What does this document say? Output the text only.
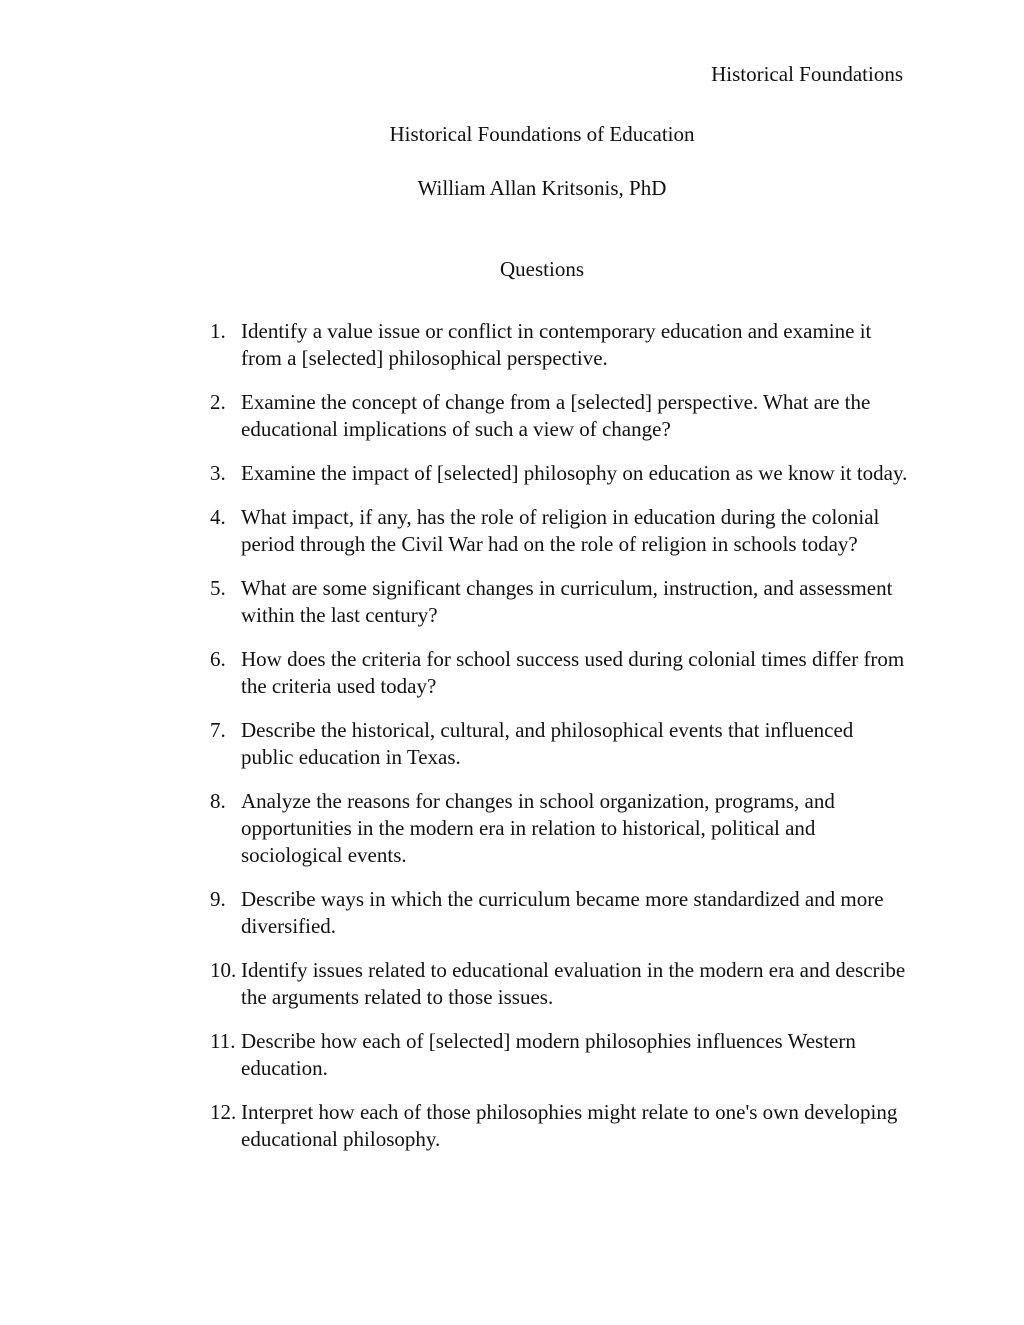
Historical Foundations
Historical Foundations of Education
William Allan Kritsonis, PhD
Questions
1. Identify a value issue or conflict in contemporary education and examine it from a [selected] philosophical perspective.
2. Examine the concept of change from a [selected] perspective. What are the educational implications of such a view of change?
3. Examine the impact of [selected] philosophy on education as we know it today.
4. What impact, if any, has the role of religion in education during the colonial period through the Civil War had on the role of religion in schools today?
5. What are some significant changes in curriculum, instruction, and assessment within the last century?
6. How does the criteria for school success used during colonial times differ from the criteria used today?
7. Describe the historical, cultural, and philosophical events that influenced public education in Texas.
8. Analyze the reasons for changes in school organization, programs, and opportunities in the modern era in relation to historical, political and sociological events.
9. Describe ways in which the curriculum became more standardized and more diversified.
10. Identify issues related to educational evaluation in the modern era and describe the arguments related to those issues.
11. Describe how each of [selected] modern philosophies influences Western education.
12. Interpret how each of those philosophies might relate to one's own developing educational philosophy.
